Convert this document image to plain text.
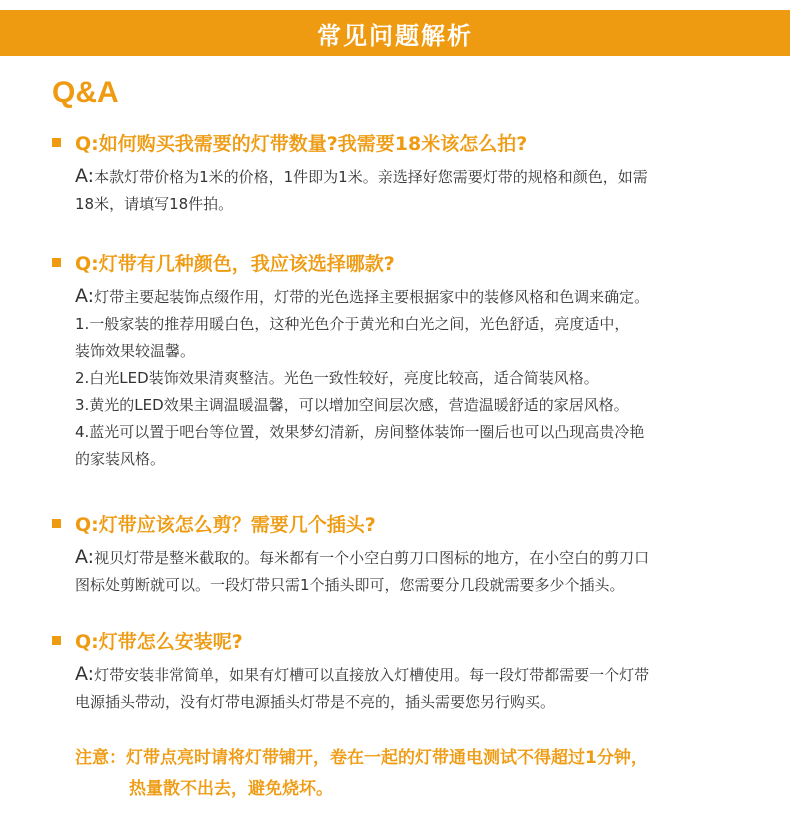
常见问题解析
Q&A
Q:如何购买我需要的灯带数量?我需要18米该怎么拍?
A:本款灯带价格为1米的价格，1件即为1米。亲选择好您需要灯带的规格和颜色，如需
18米，请填写18件拍。
Q:灯带有几种颜色，我应该选择哪款?
A:灯带主要起装饰点缀作用，灯带的光色选择主要根据家中的装修风格和色调来确定。
1.一般家装的推荐用暖白色，这种光色介于黄光和白光之间，光色舒适，亮度适中，
装饰效果较温馨。
2.白光LED装饰效果清爽整洁。光色一致性较好，亮度比较高，适合简装风格。
3.黄光的LED效果主调温暖温馨，可以增加空间层次感，营造温暖舒适的家居风格。
4.蓝光可以置于吧台等位置，效果梦幻清新，房间整体装饰一圈后也可以凸现高贵冷艳
的家装风格。
Q:灯带应该怎么剪？需要几个插头?
A:视贝灯带是整米截取的。每米都有一个小空白剪刀口图标的地方，在小空白的剪刀口
图标处剪断就可以。一段灯带只需1个插头即可，您需要分几段就需要多少个插头。
Q:灯带怎么安装呢?
A:灯带安装非常简单，如果有灯槽可以直接放入灯槽使用。每一段灯带都需要一个灯带
电源插头带动，没有灯带电源插头灯带是不亮的，插头需要您另行购买。
注意：灯带点亮时请将灯带铺开，卷在一起的灯带通电测试不得超过1分钟，
热量散不出去，避免烧坏。
